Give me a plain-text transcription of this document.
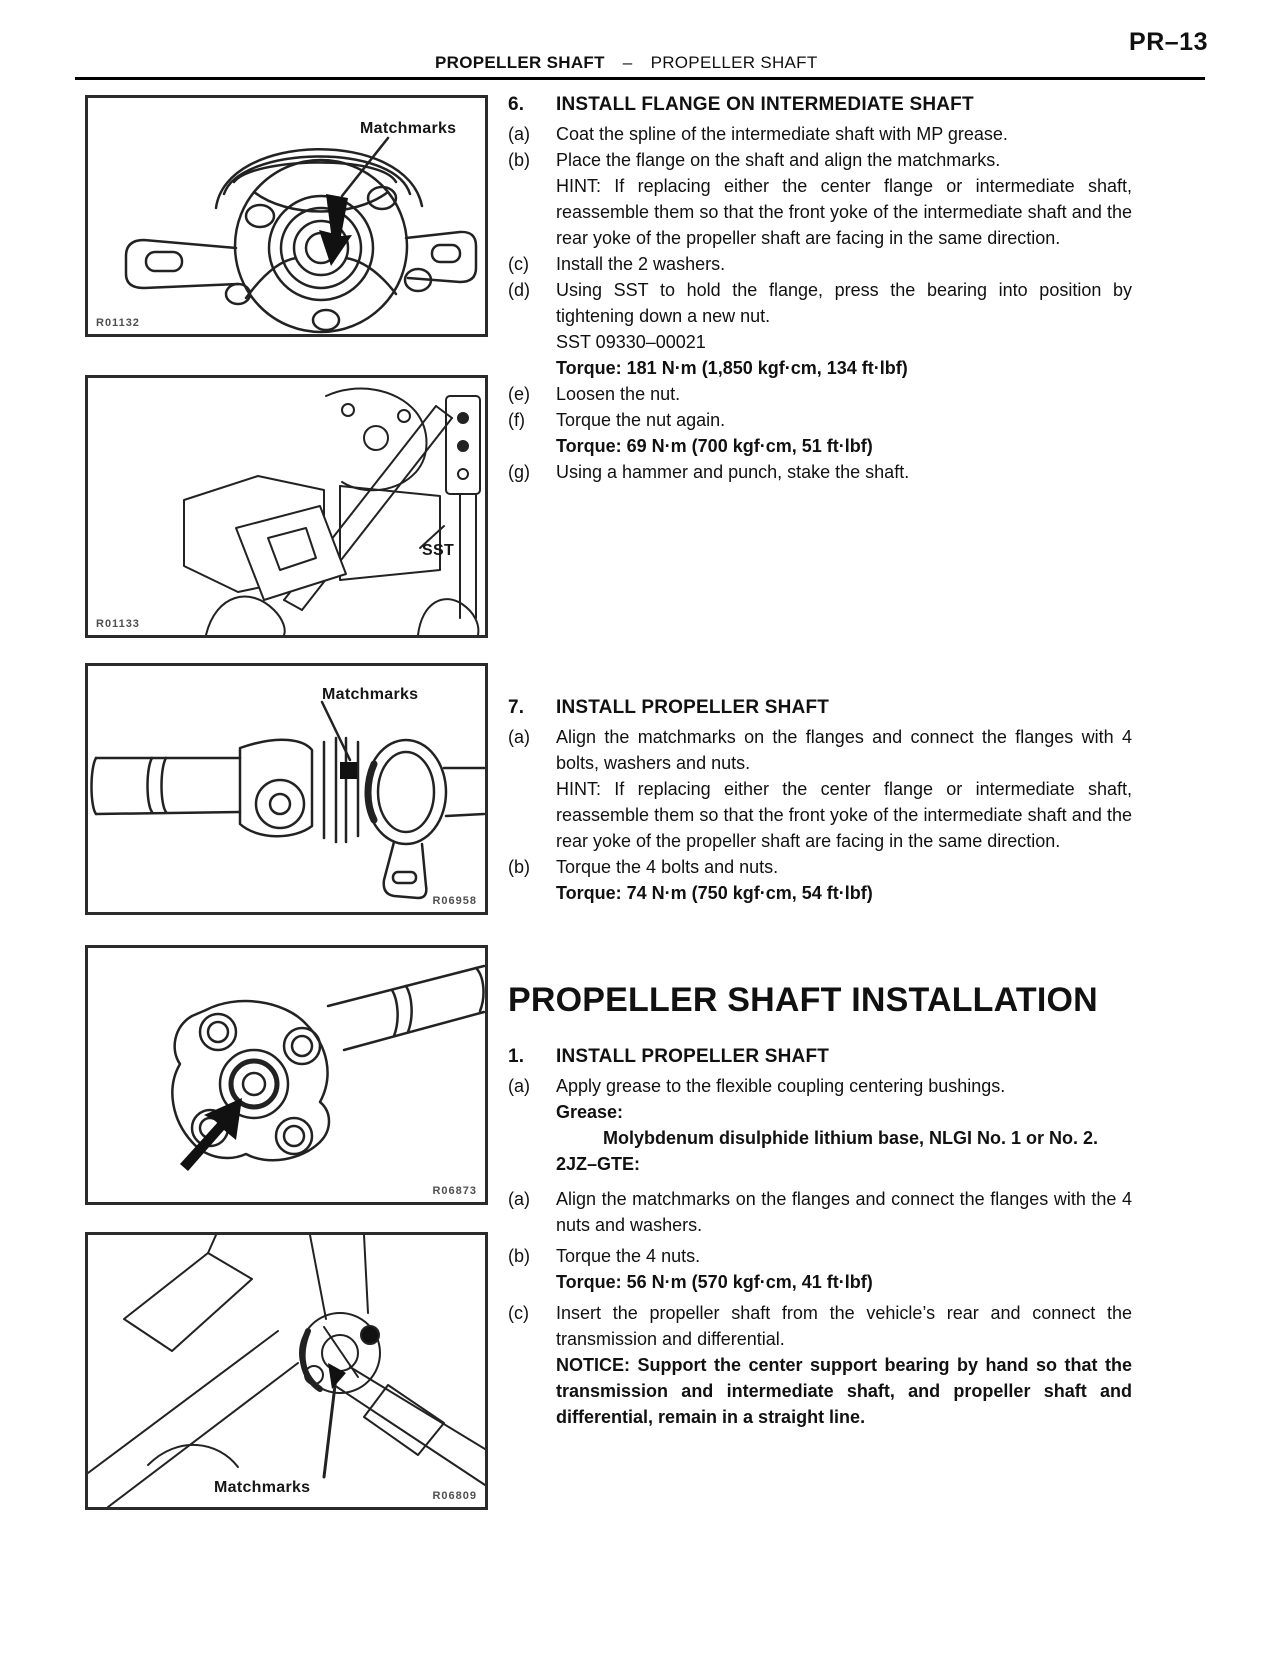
PR–13
PROPELLER SHAFT – PROPELLER SHAFT
Matchmarks
R01132
SST
R01133
Matchmarks
R06958
R06873
Matchmarks	R06809
6.	INSTALL FLANGE ON INTERMEDIATE SHAFT
(a)	Coat the spline of the intermediate shaft with MP grease.

(b)	Place the flange on the shaft and align the matchmarks.

HINT: If replacing either the center flange or intermediate shaft, reassemble them so that the front yoke of the intermediate shaft and the rear yoke of the propeller shaft are facing in the same direction.

(c)	Install the 2 washers.

(d)	Using SST to hold the flange, press the bearing into position by tightening down a new nut.

SST 09330–00021

Torque: 181 N·m (1,850 kgf·cm, 134 ft·lbf)

(e)	Loosen the nut.

(f)	Torque the nut again.

Torque: 69 N·m (700 kgf·cm, 51 ft·lbf)

(g)	Using a hammer and punch, stake the shaft.

7.	INSTALL PROPELLER SHAFT
(a)	Align the matchmarks on the flanges and connect the flanges with 4 bolts, washers and nuts.

HINT: If replacing either the center flange or intermediate shaft, reassemble them so that the front yoke of the intermediate shaft and the rear yoke of the propeller shaft are facing in the same direction.

(b)	Torque the 4 bolts and nuts.

Torque: 74 N·m (750 kgf·cm, 54 ft·lbf)

PROPELLER SHAFT INSTALLATION
1.	INSTALL PROPELLER SHAFT
(a)	Apply grease to the flexible coupling centering bushings.

Grease:

Molybdenum disulphide lithium base, NLGI No. 1 or No. 2.

2JZ–GTE:

(a)	Align the matchmarks on the flanges and connect the flanges with the 4 nuts and washers.

(b)	Torque the 4 nuts.

Torque: 56 N·m (570 kgf·cm, 41 ft·lbf)

(c)	Insert the propeller shaft from the vehicle’s rear and connect the transmission and differential.

NOTICE: Support the center support bearing by hand so that the transmission and intermediate shaft, and propeller shaft and differential, remain in a straight line.
